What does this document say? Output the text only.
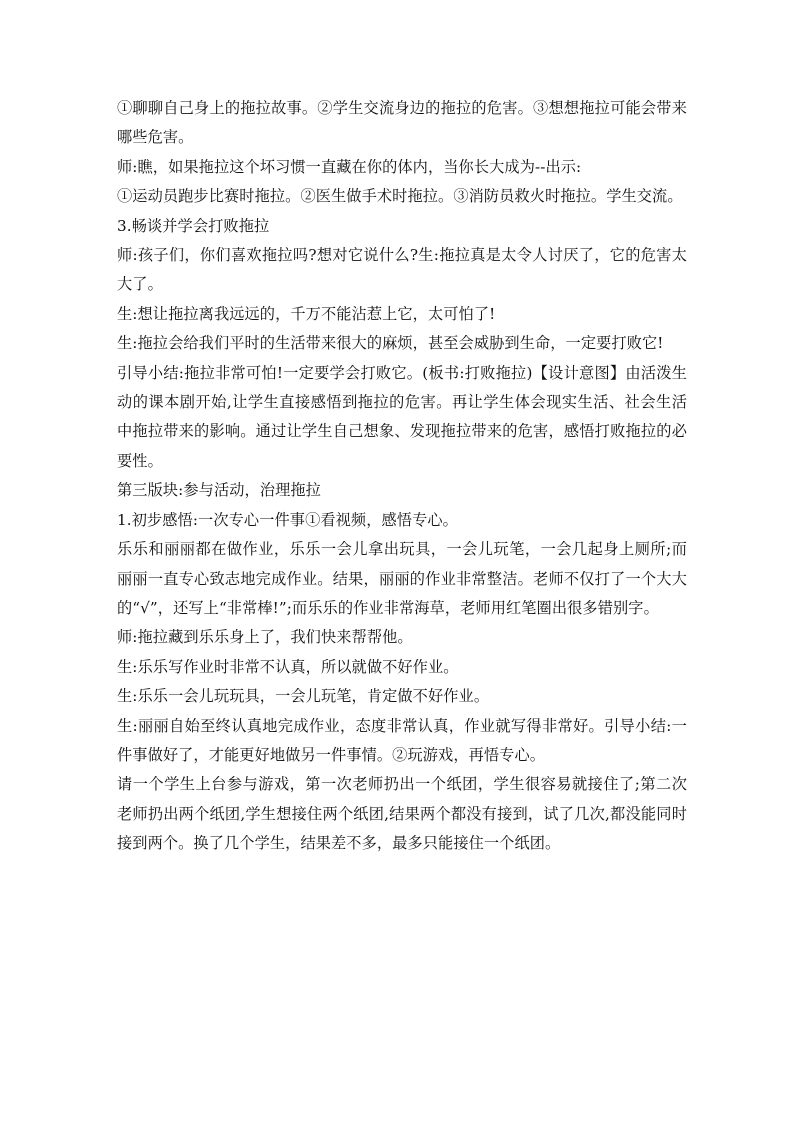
①聊聊自己身上的拖拉故事。②学生交流身边的拖拉的危害。③想想拖拉可能会带来哪些危害。

师:瞧，如果拖拉这个坏习惯一直藏在你的体内，当你长大成为--出示:

①运动员跑步比赛时拖拉。②医生做手术时拖拉。③消防员救火时拖拉。学生交流。

3.畅谈并学会打败拖拉

师:孩子们，你们喜欢拖拉吗?想对它说什么?生:拖拉真是太令人讨厌了，它的危害太大了。

生:想让拖拉离我远远的，千万不能沾惹上它，太可怕了!

生:拖拉会给我们平时的生活带来很大的麻烦，甚至会威胁到生命，一定要打败它!

引导小结:拖拉非常可怕!一定要学会打败它。(板书:打败拖拉)【设计意图】由活泼生动的课本剧开始,让学生直接感悟到拖拉的危害。再让学生体会现实生活、社会生活中拖拉带来的影响。通过让学生自己想象、发现拖拉带来的危害，感悟打败拖拉的必要性。

第三版块:参与活动，治理拖拉

1.初步感悟:一次专心一件事①看视频，感悟专心。

乐乐和丽丽都在做作业，乐乐一会儿拿出玩具，一会儿玩笔，一会几起身上厕所;而丽丽一直专心致志地完成作业。结果，丽丽的作业非常整洁。老师不仅打了一个大大的“√”，还写上“非常棒!”;而乐乐的作业非常海草，老师用红笔圈出很多错别字。

师:拖拉藏到乐乐身上了，我们快来帮帮他。

生:乐乐写作业时非常不认真，所以就做不好作业。

生:乐乐一会儿玩玩具，一会儿玩笔，肯定做不好作业。

生:丽丽自始至终认真地完成作业，态度非常认真，作业就写得非常好。引导小结:一件事做好了，才能更好地做另一件事情。②玩游戏，再悟专心。

请一个学生上台参与游戏，第一次老师扔出一个纸团，学生很容易就接住了;第二次老师扔出两个纸团,学生想接住两个纸团,结果两个都没有接到，试了几次,都没能同时接到两个。换了几个学生，结果差不多，最多只能接住一个纸团。
